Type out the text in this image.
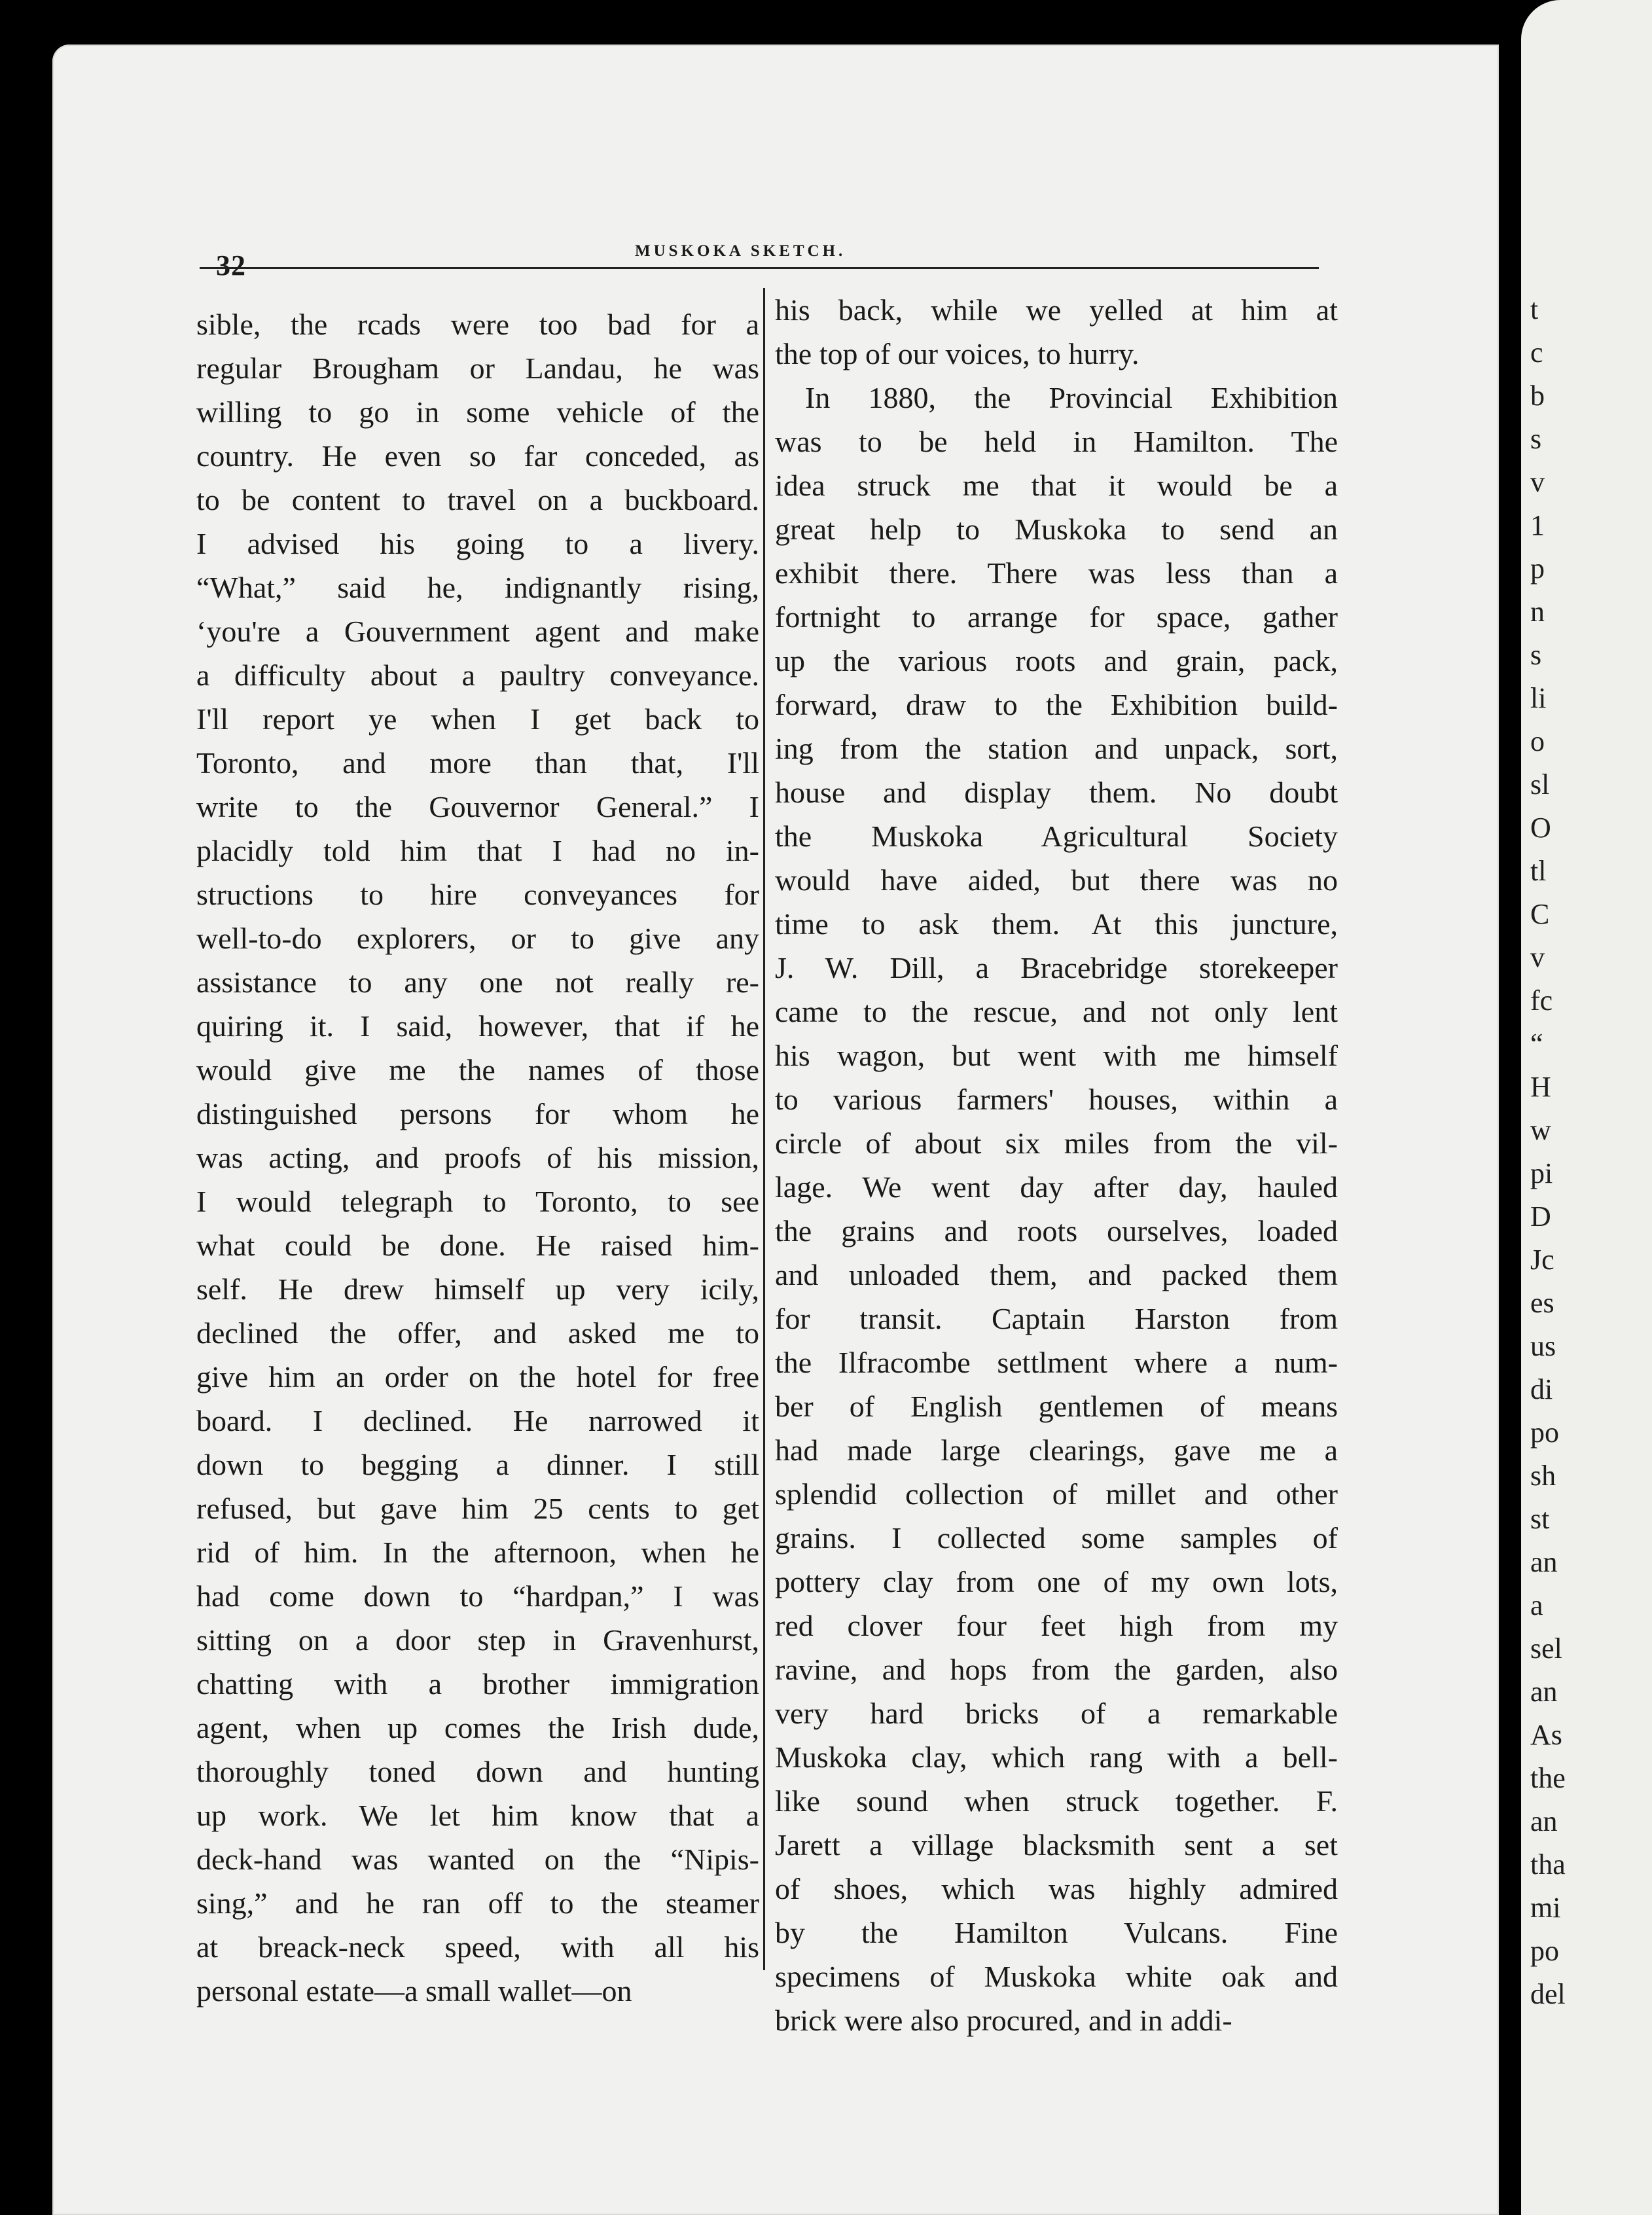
t
c
b
s
v
1
p
n
s
li
o
sl
O
tl
C
v
fc
“
H
w
pi
D
Jc
es
us
di
po
sh
st
an
a
sel
an
As
the
an
tha
mi
po
del
32	MUSKOKA SKETCH.
sible, the rcads were too bad for a
regular Brougham or Landau, he was
willing to go in some vehicle of the
country. He even so far conceded, as
to be content to travel on a buckboard.
I advised his going to a livery.
“What,” said he, indignantly rising,
‘you're a Gouvernment agent and make
a difficulty about a paultry conveyance.
I'll report ye when I get back to
Toronto, and more than that, I'll
write to the Gouvernor General.” I
placidly told him that I had no in-
structions to hire conveyances for
well-to-do explorers, or to give any
assistance to any one not really re-
quiring it. I said, however, that if he
would give me the names of those
distinguished persons for whom he
was acting, and proofs of his mission,
I would telegraph to Toronto, to see
what could be done. He raised him-
self. He drew himself up very icily,
declined the offer, and asked me to
give him an order on the hotel for free
board. I declined. He narrowed it
down to begging a dinner. I still
refused, but gave him 25 cents to get
rid of him. In the afternoon, when he
had come down to “hardpan,” I was
sitting on a door step in Gravenhurst,
chatting with a brother immigration
agent, when up comes the Irish dude,
thoroughly toned down and hunting
up work. We let him know that a
deck-hand was wanted on the “Nipis-
sing,” and he ran off to the steamer
at breack-neck speed, with all his
personal estate—a small wallet—on
his back, while we yelled at him at
the top of our voices, to hurry.
In 1880, the Provincial Exhibition
was to be held in Hamilton. The
idea struck me that it would be a
great help to Muskoka to send an
exhibit there. There was less than a
fortnight to arrange for space, gather
up the various roots and grain, pack,
forward, draw to the Exhibition build-
ing from the station and unpack, sort,
house and display them. No doubt
the Muskoka Agricultural Society
would have aided, but there was no
time to ask them. At this juncture,
J. W. Dill, a Bracebridge storekeeper
came to the rescue, and not only lent
his wagon, but went with me himself
to various farmers' houses, within a
circle of about six miles from the vil-
lage. We went day after day, hauled
the grains and roots ourselves, loaded
and unloaded them, and packed them
for transit. Captain Harston from
the Ilfracombe settlment where a num-
ber of English gentlemen of means
had made large clearings, gave me a
splendid collection of millet and other
grains. I collected some samples of
pottery clay from one of my own lots,
red clover four feet high from my
ravine, and hops from the garden, also
very hard bricks of a remarkable
Muskoka clay, which rang with a bell-
like sound when struck together. F.
Jarett a village blacksmith sent a set
of shoes, which was highly admired
by the Hamilton Vulcans. Fine
specimens of Muskoka white oak and
brick were also procured, and in addi-
